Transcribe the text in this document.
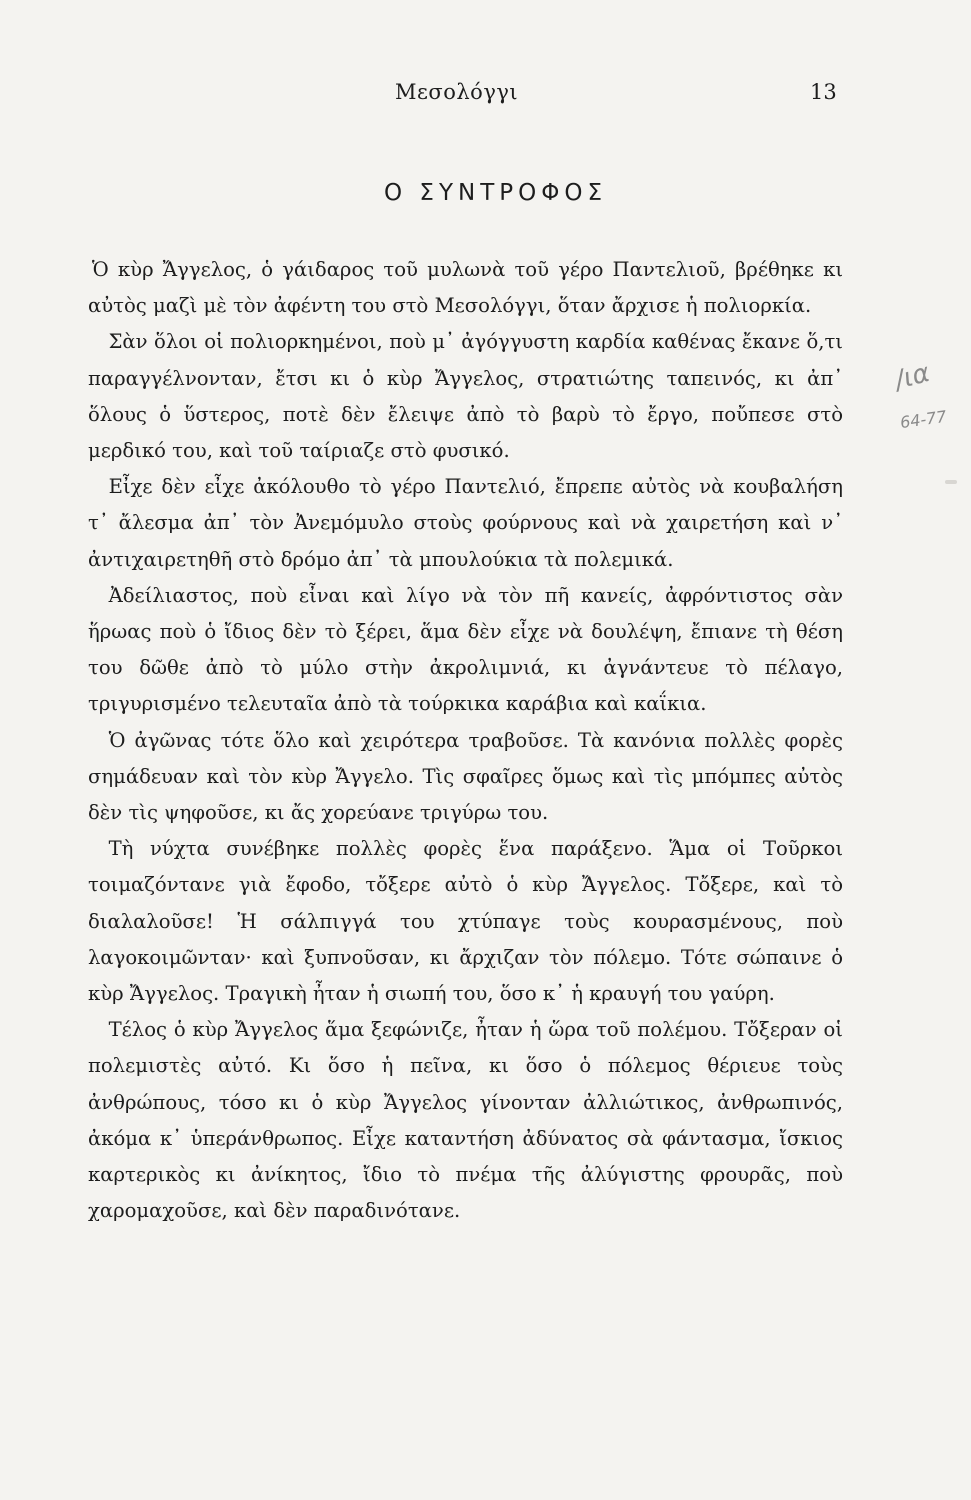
Μεσολόγγι	13
Ο ΣΥΝΤΡΟΦΟΣ

Ὁ κὺρ Ἄγγελος, ὁ γάιδαρος τοῦ μυλωνὰ τοῦ γέρο Παντελιοῦ, βρέθηκε κι αὐτὸς μαζὶ μὲ τὸν ἀφέντη του στὸ Μεσολόγγι, ὅταν ἄρχισε ἡ πολιορκία.

Σὰν ὅλοι οἱ πολιορκημένοι, ποὺ μ᾽ ἀγόγγυστη καρδία καθένας ἔκανε ὅ,τι παραγγέλνονταν, ἔτσι κι ὁ κὺρ Ἄγγελος, στρατιώτης ταπεινός, κι ἀπ᾽ ὅλους ὁ ὕστερος, ποτὲ δὲν ἔλειψε ἀπὸ τὸ βαρὺ τὸ ἔργο, ποὔπεσε στὸ μερδικό του, καὶ τοῦ ταίριαζε στὸ φυσικό.

Εἶχε δὲν εἶχε ἀκόλουθο τὸ γέρο Παντελιό, ἔπρεπε αὐτὸς νὰ κουβαλήση τ᾽ ἄλεσμα ἀπ᾽ τὸν Ἀνεμόμυλο στοὺς φούρνους καὶ νὰ χαιρετήση καὶ ν᾽ ἀντιχαιρετηθῆ στὸ δρόμο ἀπ᾽ τὰ μπουλούκια τὰ πολεμικά.

Ἀδείλιαστος, ποὺ εἶναι καὶ λίγο νὰ τὸν πῆ κανείς, ἀφρόντιστος σὰν ἥρωας ποὺ ὁ ἴδιος δὲν τὸ ξέρει, ἅμα δὲν εἶχε νὰ δουλέψη, ἔπιανε τὴ θέση του δῶθε ἀπὸ τὸ μύλο στὴν ἀκρολιμνιά, κι ἀγνάντευε τὸ πέλαγο, τριγυρισμένο τελευταῖα ἀπὸ τὰ τούρκικα καράβια καὶ καΐκια.

Ὁ ἀγῶνας τότε ὅλο καὶ χειρότερα τραβοῦσε. Τὰ κανόνια πολλὲς φορὲς σημάδευαν καὶ τὸν κὺρ Ἄγγελο. Τὶς σφαῖρες ὅμως καὶ τὶς μπόμπες αὐτὸς δὲν τὶς ψηφοῦσε, κι ἄς χορεύανε τριγύρω του.

Τὴ νύχτα συνέβηκε πολλὲς φορὲς ἕνα παράξενο. Ἅμα οἱ Τοῦρκοι τοιμαζόντανε γιὰ ἔφοδο, τὄξερε αὐτὸ ὁ κὺρ Ἄγγελος. Τὄξερε, καὶ τὸ διαλαλοῦσε! Ἡ σάλπιγγά του χτύπαγε τοὺς κουρασμένους, ποὺ λαγοκοιμῶνταν· καὶ ξυπνοῦσαν, κι ἄρχιζαν τὸν πόλεμο. Τότε σώπαινε ὁ κὺρ Ἄγγελος. Τραγικὴ ἦταν ἡ σιωπή του, ὅσο κ᾽ ἡ κραυγή του γαύρη.

Τέλος ὁ κὺρ Ἄγγελος ἅμα ξεφώνιζε, ἦταν ἡ ὥρα τοῦ πολέμου. Τὄξεραν οἱ πολεμιστὲς αὐτό. Κι ὅσο ἡ πεῖνα, κι ὅσο ὁ πόλεμος θέριευε τοὺς ἀνθρώπους, τόσο κι ὁ κὺρ Ἄγγελος γίνονταν ἀλλιώτικος, ἀνθρωπινός, ἀκόμα κ᾽ ὑπεράνθρωπος. Εἶχε καταντήση ἀδύνατος σὰ φάντασμα, ἴσκιος καρτερικὸς κι ἀνίκητος, ἴδιο τὸ πνέμα τῆς ἀλύγιστης φρουρᾶς, ποὺ χαρομαχοῦσε, καὶ δὲν παραδινότανε.

/ια
64-77
